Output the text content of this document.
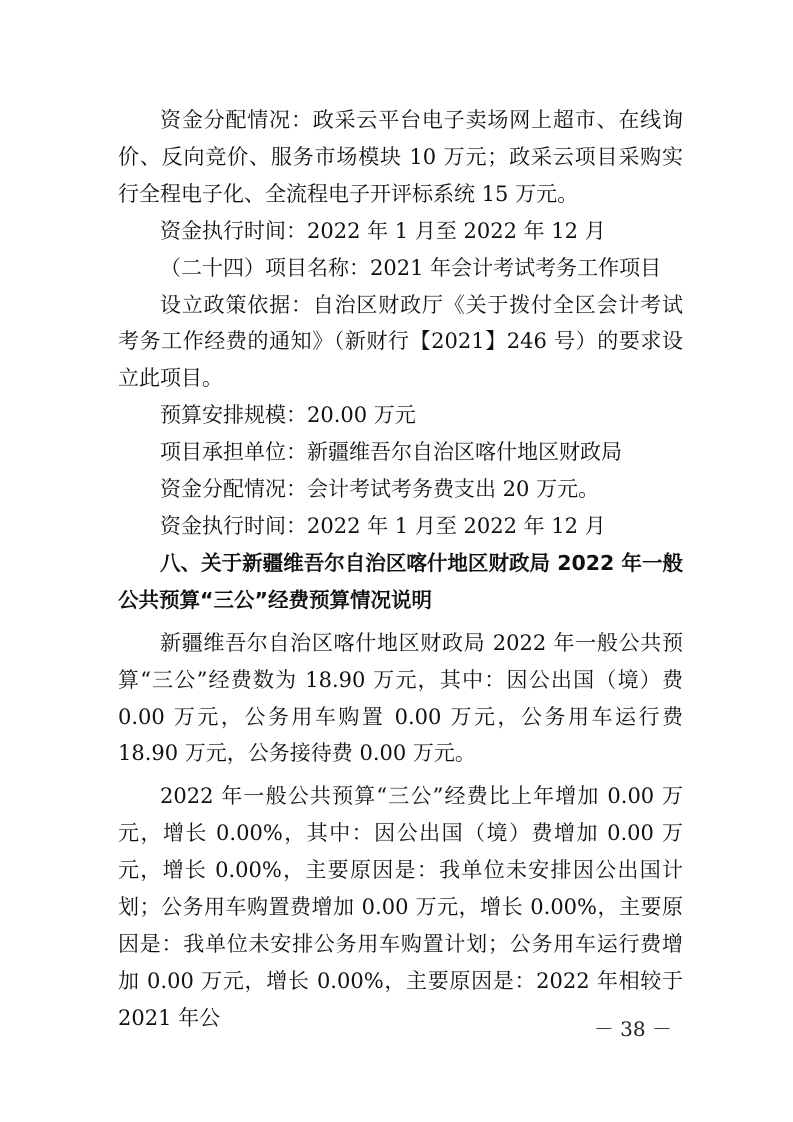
资金分配情况：政采云平台电子卖场网上超市、在线询价、反向竞价、服务市场模块 10 万元；政采云项目采购实行全程电子化、全流程电子开评标系统 15 万元。

资金执行时间：2022 年 1 月至 2022 年 12 月

（二十四）项目名称：2021 年会计考试考务工作项目

设立政策依据：自治区财政厅《关于拨付全区会计考试考务工作经费的通知》（新财行【2021】246 号）的要求设立此项目。

预算安排规模：20.00 万元

项目承担单位：新疆维吾尔自治区喀什地区财政局

资金分配情况：会计考试考务费支出 20 万元。

资金执行时间：2022 年 1 月至 2022 年 12 月

八、关于新疆维吾尔自治区喀什地区财政局 2022 年一般公共预算“三公”经费预算情况说明

新疆维吾尔自治区喀什地区财政局 2022 年一般公共预算“三公”经费数为 18.90 万元，其中：因公出国（境）费 0.00 万元，公务用车购置 0.00 万元，公务用车运行费 18.90 万元，公务接待费 0.00 万元。

2022 年一般公共预算“三公”经费比上年增加 0.00 万元，增长 0.00%，其中：因公出国（境）费增加 0.00 万元，增长 0.00%，主要原因是：我单位未安排因公出国计划；公务用车购置费增加 0.00 万元，增长 0.00%，主要原因是：我单位未安排公务用车购置计划；公务用车运行费增加 0.00 万元，增长 0.00%，主要原因是：2022 年相较于 2021 年公	－ 38 －
